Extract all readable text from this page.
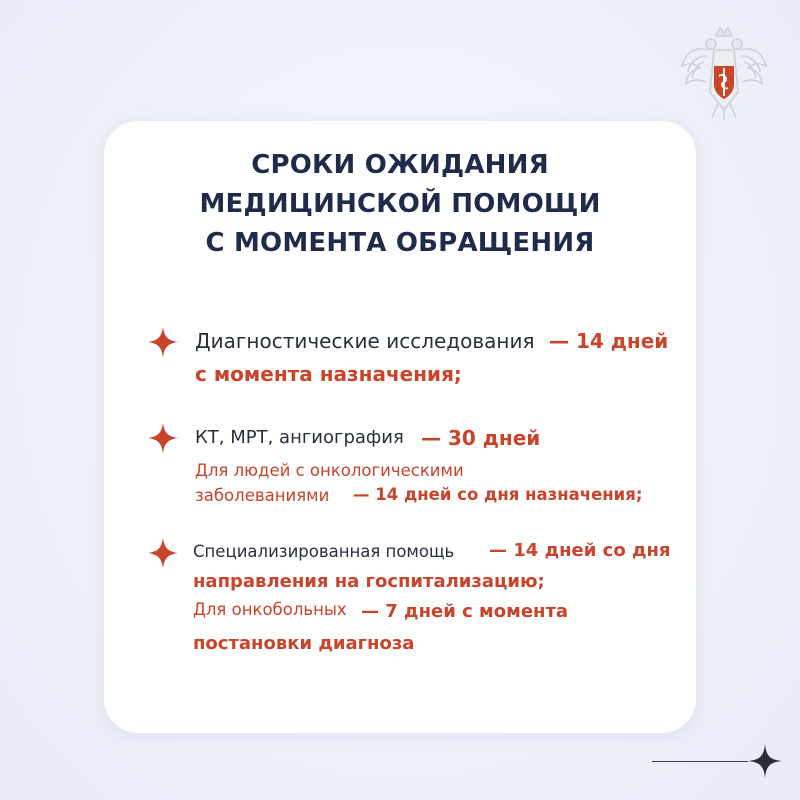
СРОКИ ОЖИДАНИЯ
МЕДИЦИНСКОЙ ПОМОЩИ
С МОМЕНТА ОБРАЩЕНИЯ
Диагностические исследования — 14 дней
с момента назначения;
КТ, МРТ, ангиография — 30 дней
Для людей с онкологическими
заболеваниями — 14 дней со дня назначения;
Специализированная помощь — 14 дней со дня
направления на госпитализацию;
Для онкобольных — 7 дней с момента
постановки диагноза
